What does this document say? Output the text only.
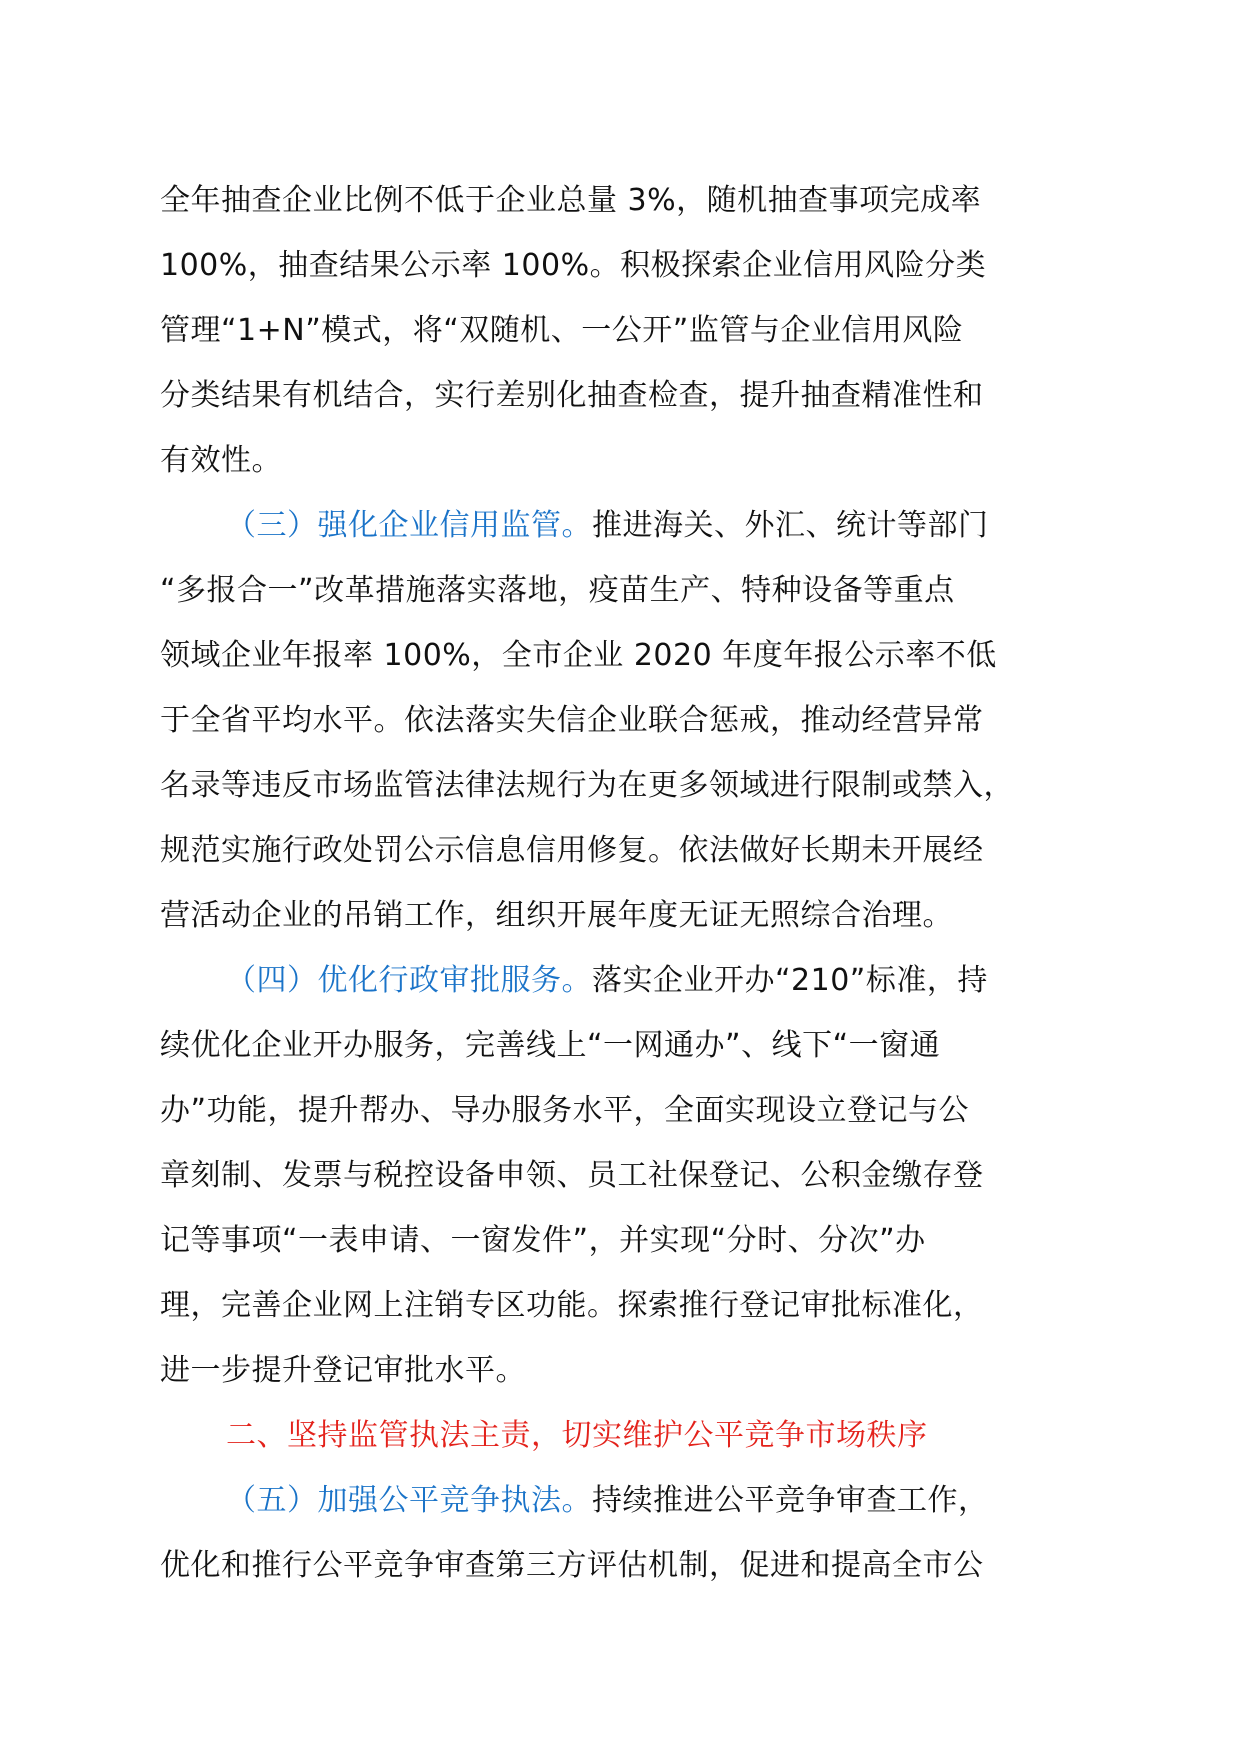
全年抽查企业比例不低于企业总量 3%，随机抽查事项完成率
100%，抽查结果公示率 100%。积极探索企业信用风险分类
管理“1+N”模式，将“双随机、一公开”监管与企业信用风险
分类结果有机结合，实行差别化抽查检查，提升抽查精准性和
有效性。
（三）强化企业信用监管。推进海关、外汇、统计等部门
“多报合一”改革措施落实落地，疫苗生产、特种设备等重点
领域企业年报率 100%，全市企业 2020 年度年报公示率不低
于全省平均水平。依法落实失信企业联合惩戒，推动经营异常
名录等违反市场监管法律法规行为在更多领域进行限制或禁入，
规范实施行政处罚公示信息信用修复。依法做好长期未开展经
营活动企业的吊销工作，组织开展年度无证无照综合治理。
（四）优化行政审批服务。落实企业开办“210”标准，持
续优化企业开办服务，完善线上“一网通办”、线下“一窗通
办”功能，提升帮办、导办服务水平，全面实现设立登记与公
章刻制、发票与税控设备申领、员工社保登记、公积金缴存登
记等事项“一表申请、一窗发件”，并实现“分时、分次”办
理，完善企业网上注销专区功能。探索推行登记审批标准化，
进一步提升登记审批水平。
二、坚持监管执法主责，切实维护公平竞争市场秩序
（五）加强公平竞争执法。持续推进公平竞争审查工作，
优化和推行公平竞争审查第三方评估机制，促进和提高全市公
